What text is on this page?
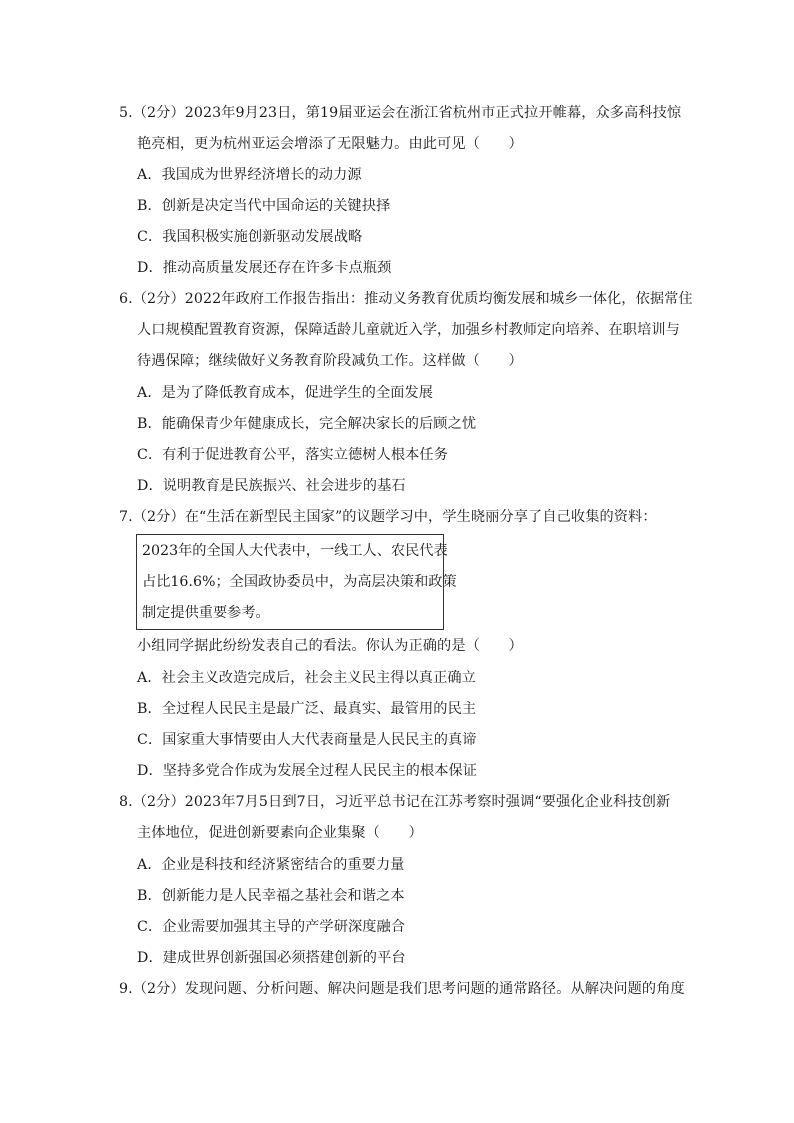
5.（2分）2023年9月23日，第19届亚运会在浙江省杭州市正式拉开帷幕，众多高科技惊
艳亮相，更为杭州亚运会增添了无限魅力。由此可见（　　）
A．我国成为世界经济增长的动力源
B．创新是决定当代中国命运的关键抉择
C．我国积极实施创新驱动发展战略
D．推动高质量发展还存在许多卡点瓶颈
6.（2分）2022年政府工作报告指出：推动义务教育优质均衡发展和城乡一体化，依据常住
人口规模配置教育资源，保障适龄儿童就近入学，加强乡村教师定向培养、在职培训与
待遇保障；继续做好义务教育阶段减负工作。这样做（　　）
A．是为了降低教育成本，促进学生的全面发展
B．能确保青少年健康成长，完全解决家长的后顾之忧
C．有利于促进教育公平，落实立德树人根本任务
D．说明教育是民族振兴、社会进步的基石
7.（2分）在“生活在新型民主国家”的议题学习中，学生晓丽分享了自己收集的资料：
2023年的全国人大代表中，一线工人、农民代表
占比16.6%；全国政协委员中，为高层决策和政策
制定提供重要参考。
小组同学据此纷纷发表自己的看法。你认为正确的是（　　）
A．社会主义改造完成后，社会主义民主得以真正确立
B．全过程人民民主是最广泛、最真实、最管用的民主
C．国家重大事情要由人大代表商量是人民民主的真谛
D．坚持多党合作成为发展全过程人民民主的根本保证
8.（2分）2023年7月5日到7日，习近平总书记在江苏考察时强调“要强化企业科技创新
主体地位，促进创新要素向企业集聚（　　）
A．企业是科技和经济紧密结合的重要力量
B．创新能力是人民幸福之基社会和谐之本
C．企业需要加强其主导的产学研深度融合
D．建成世界创新强国必须搭建创新的平台
9.（2分）发现问题、分析问题、解决问题是我们思考问题的通常路径。从解决问题的角度
